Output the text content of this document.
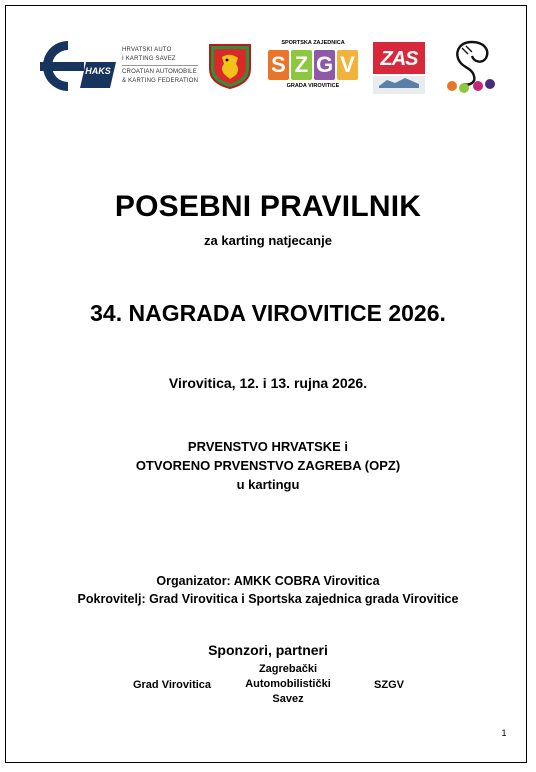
HAKS
HRVATSKI AUTO
I KARTING SAVEZ
CROATIAN AUTOMOBILE
& KARTING FEDERATION
SPORTSKA ZAJEDNICA
S Z G V
GRADA VIROVITICE
ZAS
POSEBNI PRAVILNIK
za karting natjecanje
34. NAGRADA VIROVITICE 2026.
Virovitica, 12. i 13. rujna 2026.
PRVENSTVO HRVATSKE i
OTVORENO PRVENSTVO ZAGREBA (OPZ)
u kartingu
Organizator: AMKK COBRA Virovitica
Pokrovitelj: Grad Virovitica i Sportska zajednica grada Virovitice
Sponzori, partneri
Grad Virovitica
Zagrebački
Automobilistički
Savez
SZGV
1
